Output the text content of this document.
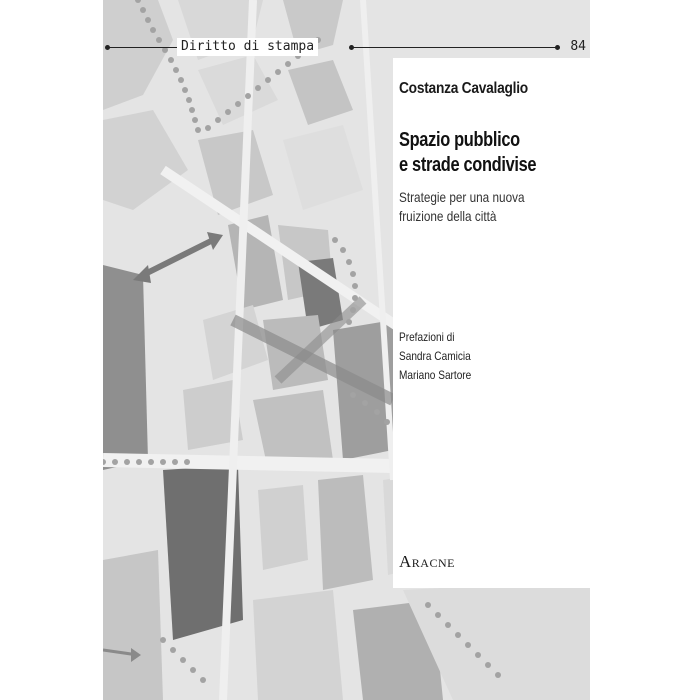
Costanza Cavalaglio
Spazio pubblico
e strade condivise
Strategie per una nuova
fruizione della città
Prefazioni di
Sandra Camicia
Mariano Sartore
Aracne
Diritto di stampa	84
